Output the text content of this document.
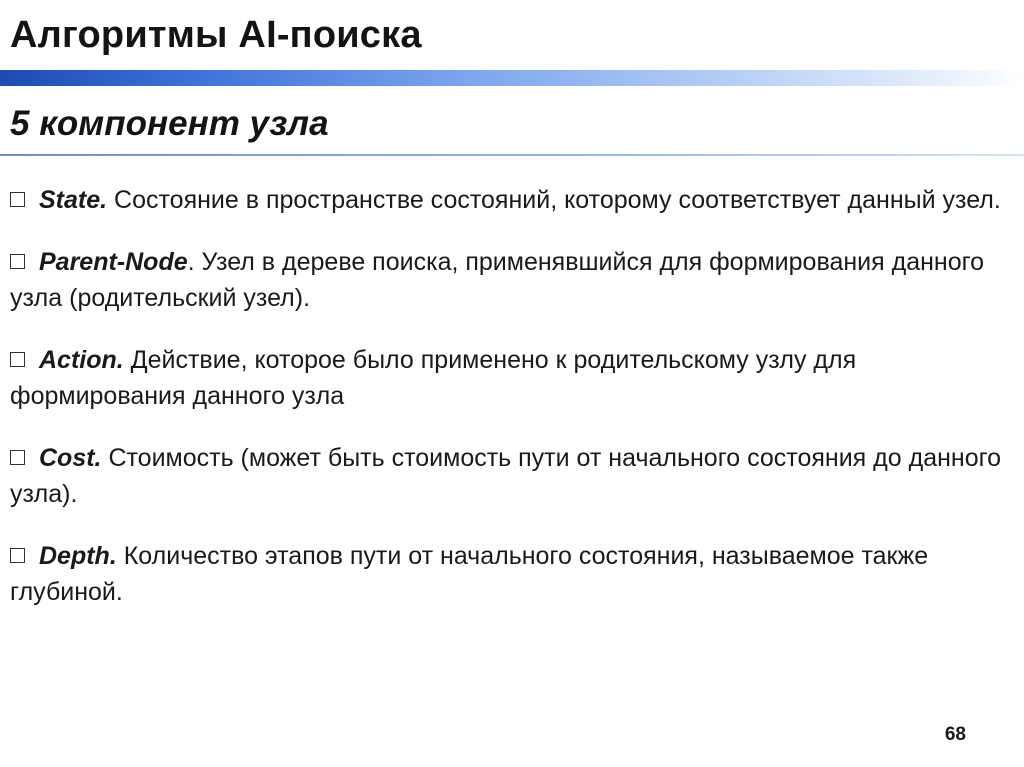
Алгоритмы AI-поиска
5 компонент узла
State. Состояние в пространстве состояний, которому соответствует данный узел.
Parent-Node. Узел в дереве поиска, применявшийся для формирования данного узла (родительский узел).
Action. Действие, которое было применено к родительскому узлу для формирования данного узла
Cost. Стоимость (может быть стоимость пути от начального состояния до данного узла).
Depth. Количество этапов пути от начального состояния, называемое также глубиной.
68
